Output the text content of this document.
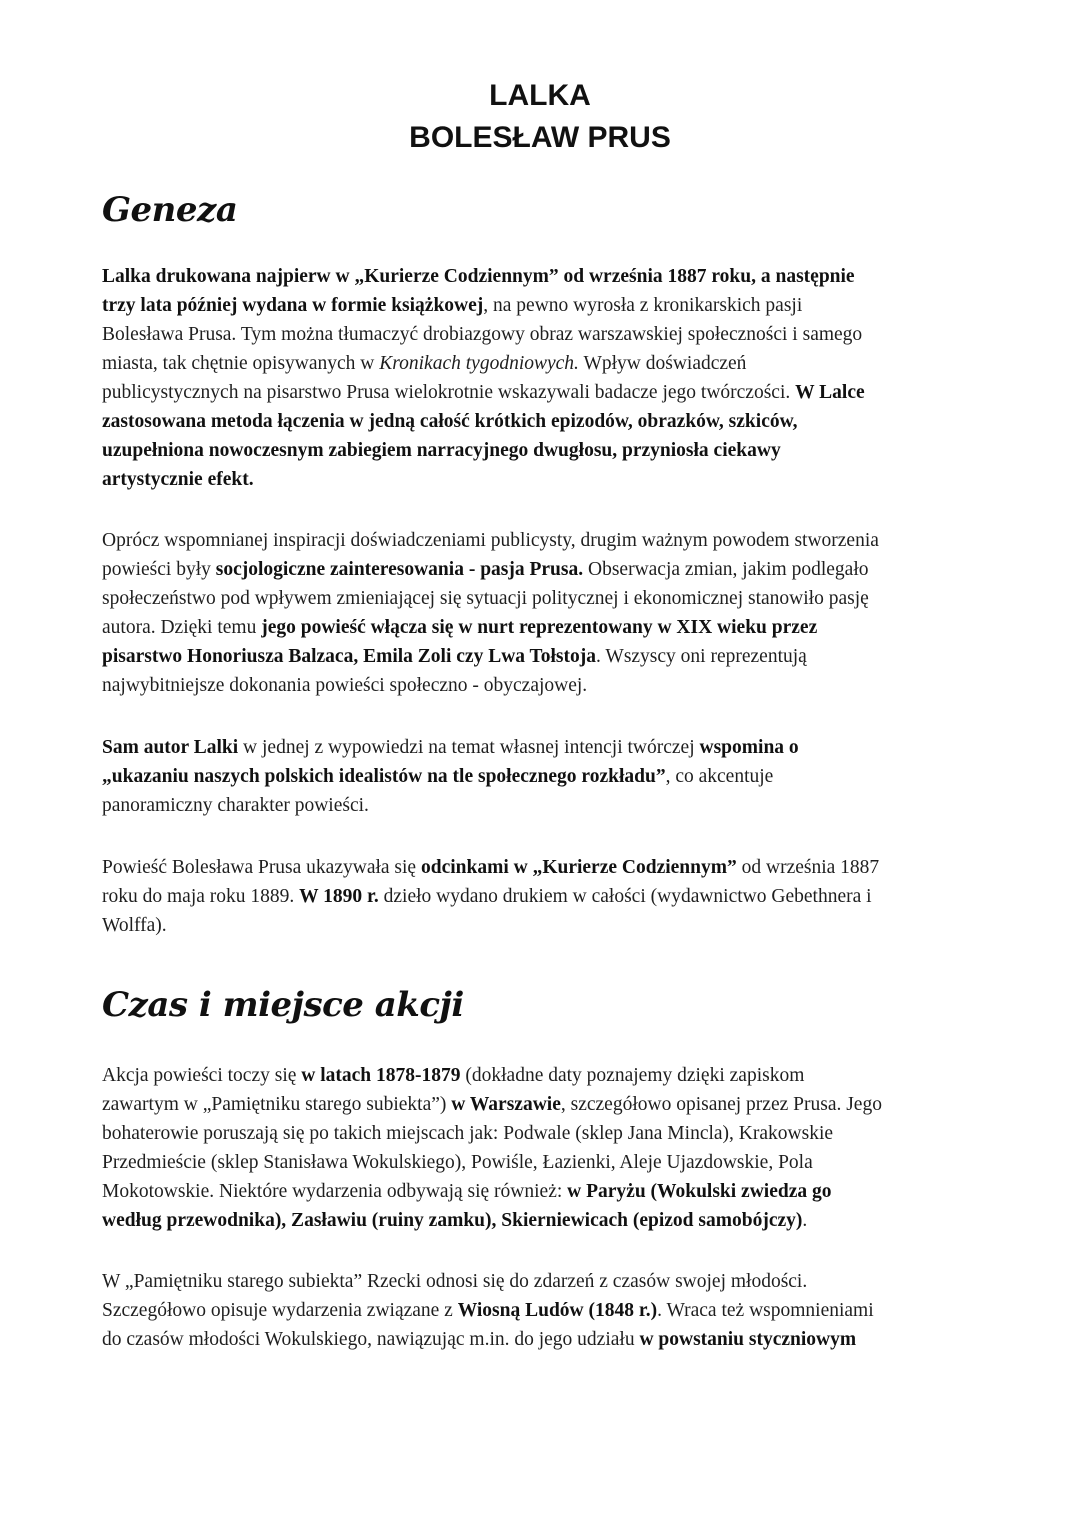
LALKA
BOLESŁAW PRUS
Geneza

Lalka drukowana najpierw w „Kurierze Codziennym” od września 1887 roku, a następnie
trzy lata później wydana w formie książkowej, na pewno wyrosła z kronikarskich pasji
Bolesława Prusa. Tym można tłumaczyć drobiazgowy obraz warszawskiej społeczności i samego
miasta, tak chętnie opisywanych w Kronikach tygodniowych. Wpływ doświadczeń
publicystycznych na pisarstwo Prusa wielokrotnie wskazywali badacze jego twórczości. W Lalce
zastosowana metoda łączenia w jedną całość krótkich epizodów, obrazków, szkiców,
uzupełniona nowoczesnym zabiegiem narracyjnego dwugłosu, przyniosła ciekawy
artystycznie efekt.

Oprócz wspomnianej inspiracji doświadczeniami publicysty, drugim ważnym powodem stworzenia
powieści były socjologiczne zainteresowania - pasja Prusa. Obserwacja zmian, jakim podlegało
społeczeństwo pod wpływem zmieniającej się sytuacji politycznej i ekonomicznej stanowiło pasję
autora. Dzięki temu jego powieść włącza się w nurt reprezentowany w XIX wieku przez
pisarstwo Honoriusza Balzaca, Emila Zoli czy Lwa Tołstoja. Wszyscy oni reprezentują
najwybitniejsze dokonania powieści społeczno - obyczajowej.

Sam autor Lalki w jednej z wypowiedzi na temat własnej intencji twórczej wspomina o
„ukazaniu naszych polskich idealistów na tle społecznego rozkładu”, co akcentuje
panoramiczny charakter powieści.

Powieść Bolesława Prusa ukazywała się odcinkami w „Kurierze Codziennym” od września 1887
roku do maja roku 1889. W 1890 r. dzieło wydano drukiem w całości (wydawnictwo Gebethnera i
Wolffa).

Czas i miejsce akcji

Akcja powieści toczy się w latach 1878-1879 (dokładne daty poznajemy dzięki zapiskom
zawartym w „Pamiętniku starego subiekta”) w Warszawie, szczegółowo opisanej przez Prusa. Jego
bohaterowie poruszają się po takich miejscach jak: Podwale (sklep Jana Mincla), Krakowskie
Przedmieście (sklep Stanisława Wokulskiego), Powiśle, Łazienki, Aleje Ujazdowskie, Pola
Mokotowskie. Niektóre wydarzenia odbywają się również: w Paryżu (Wokulski zwiedza go
według przewodnika), Zasławiu (ruiny zamku), Skierniewicach (epizod samobójczy).

W „Pamiętniku starego subiekta” Rzecki odnosi się do zdarzeń z czasów swojej młodości.
Szczegółowo opisuje wydarzenia związane z Wiosną Ludów (1848 r.). Wraca też wspomnieniami
do czasów młodości Wokulskiego, nawiązując m.in. do jego udziału w powstaniu styczniowym
